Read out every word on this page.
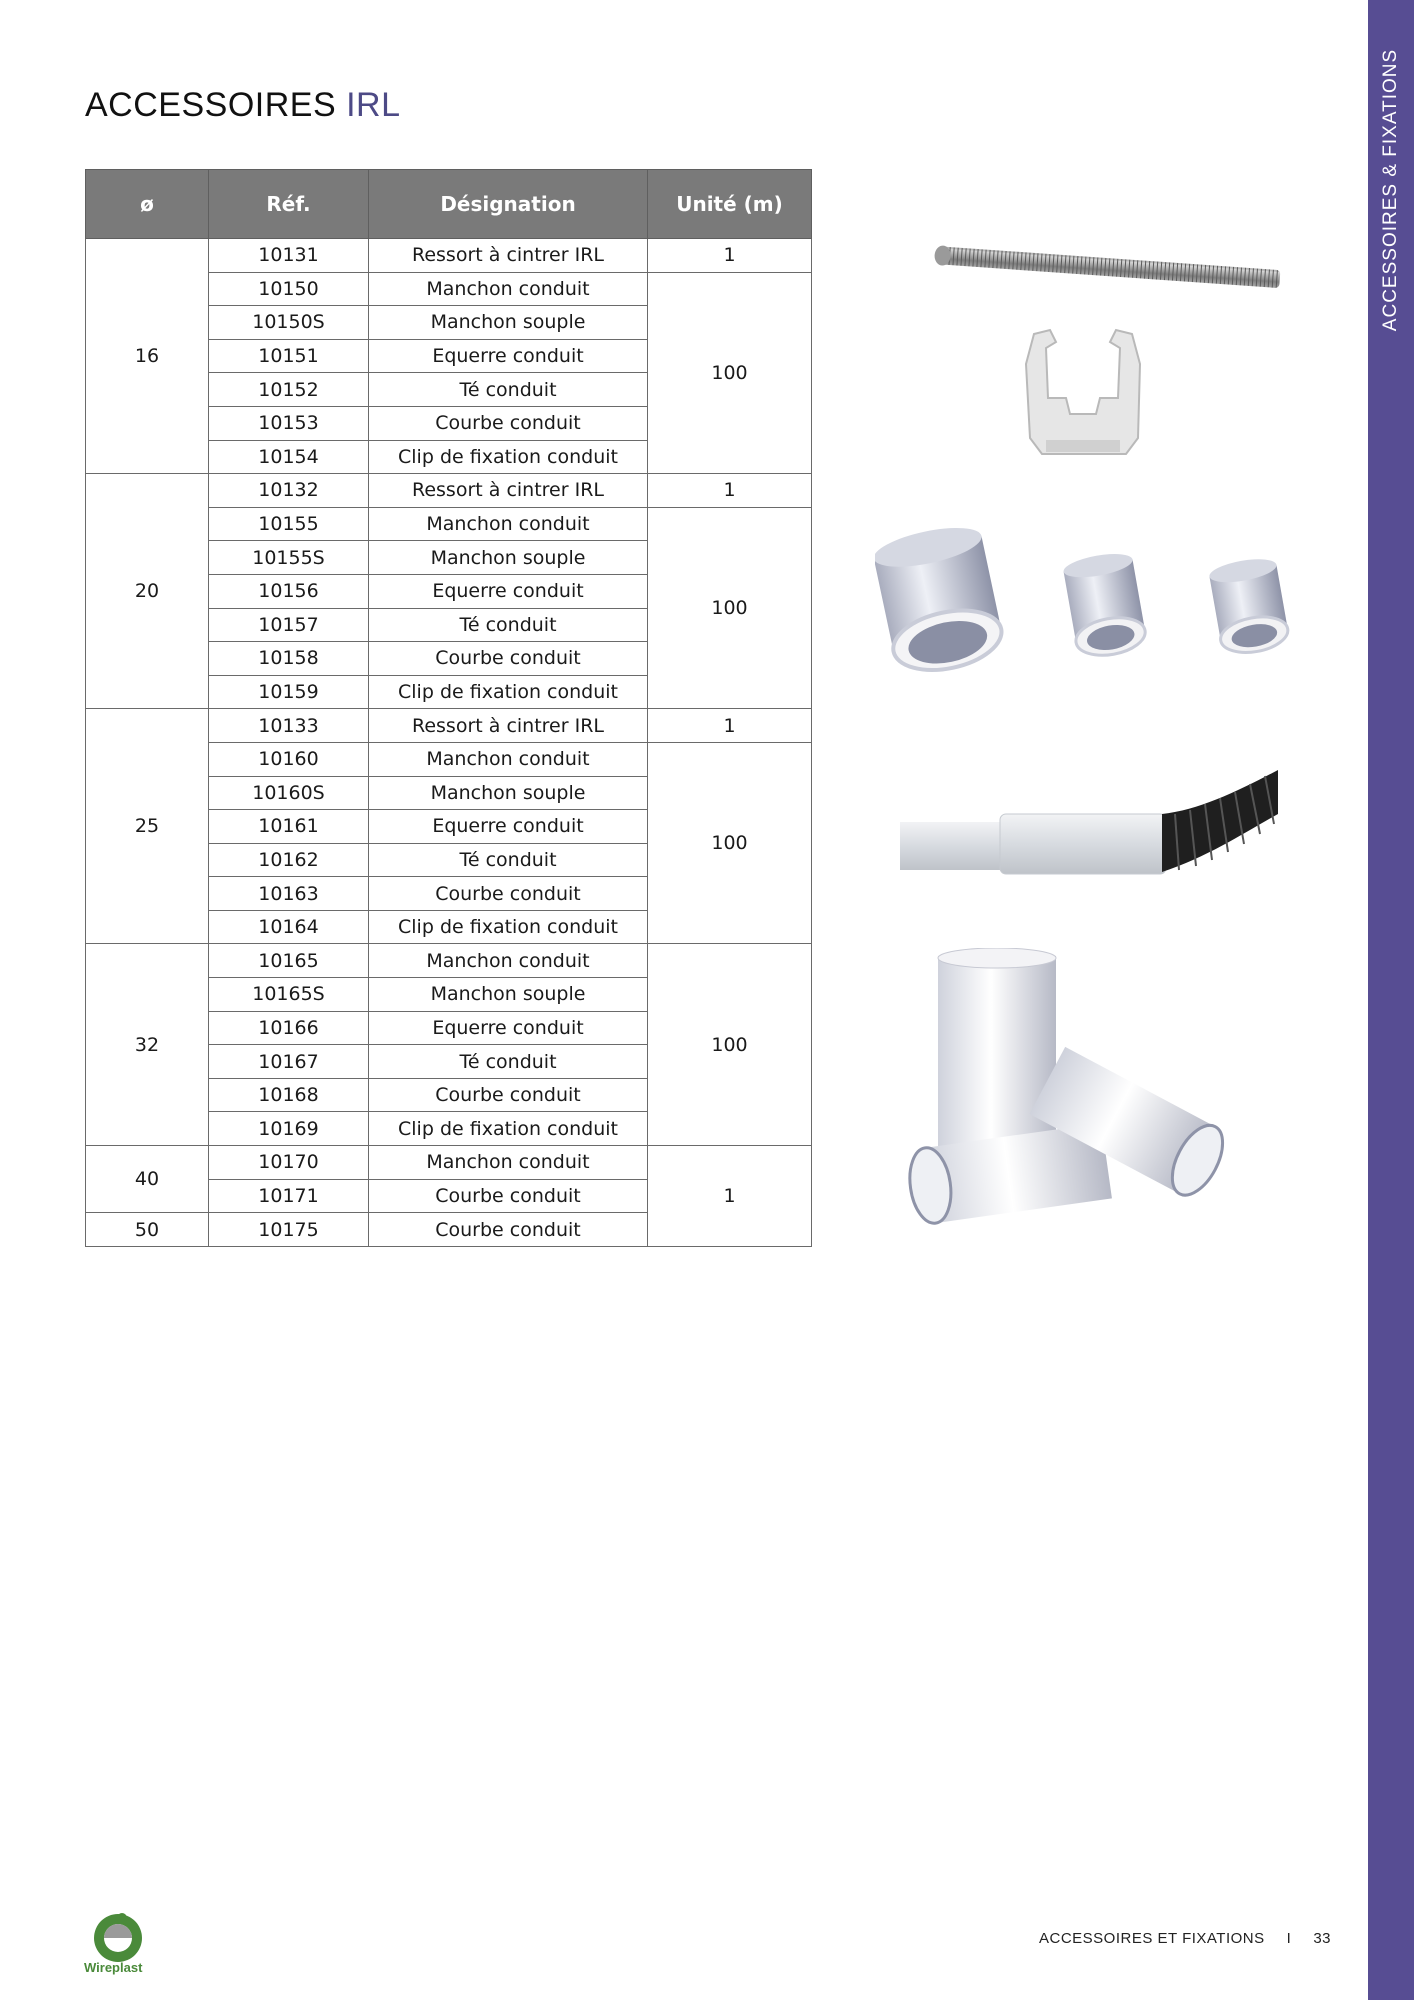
ACCESSOIRES IRL
ø	Réf.	Désignation	Unité (m)
16	10131	Ressort à cintrer IRL	1
	10150	Manchon conduit	100
	10150S	Manchon souple	
	10151	Equerre conduit	
	10152	Té conduit	
	10153	Courbe conduit	
	10154	Clip de fixation conduit	
20	10132	Ressort à cintrer IRL	1
	10155	Manchon conduit	100
	10155S	Manchon souple	
	10156	Equerre conduit	
	10157	Té conduit	
	10158	Courbe conduit	
	10159	Clip de fixation conduit	
25	10133	Ressort à cintrer IRL	1
	10160	Manchon conduit	100
	10160S	Manchon souple	
	10161	Equerre conduit	
	10162	Té conduit	
	10163	Courbe conduit	
	10164	Clip de fixation conduit	
32	10165	Manchon conduit	100
	10165S	Manchon souple	
	10166	Equerre conduit	
	10167	Té conduit	
	10168	Courbe conduit	
	10169	Clip de fixation conduit	
40	10170	Manchon conduit	1
	10171	Courbe conduit	
50	10175	Courbe conduit	
ACCESSOIRES & FIXATIONS
Wireplast
ACCESSOIRES ET FIXATIONS I 33
